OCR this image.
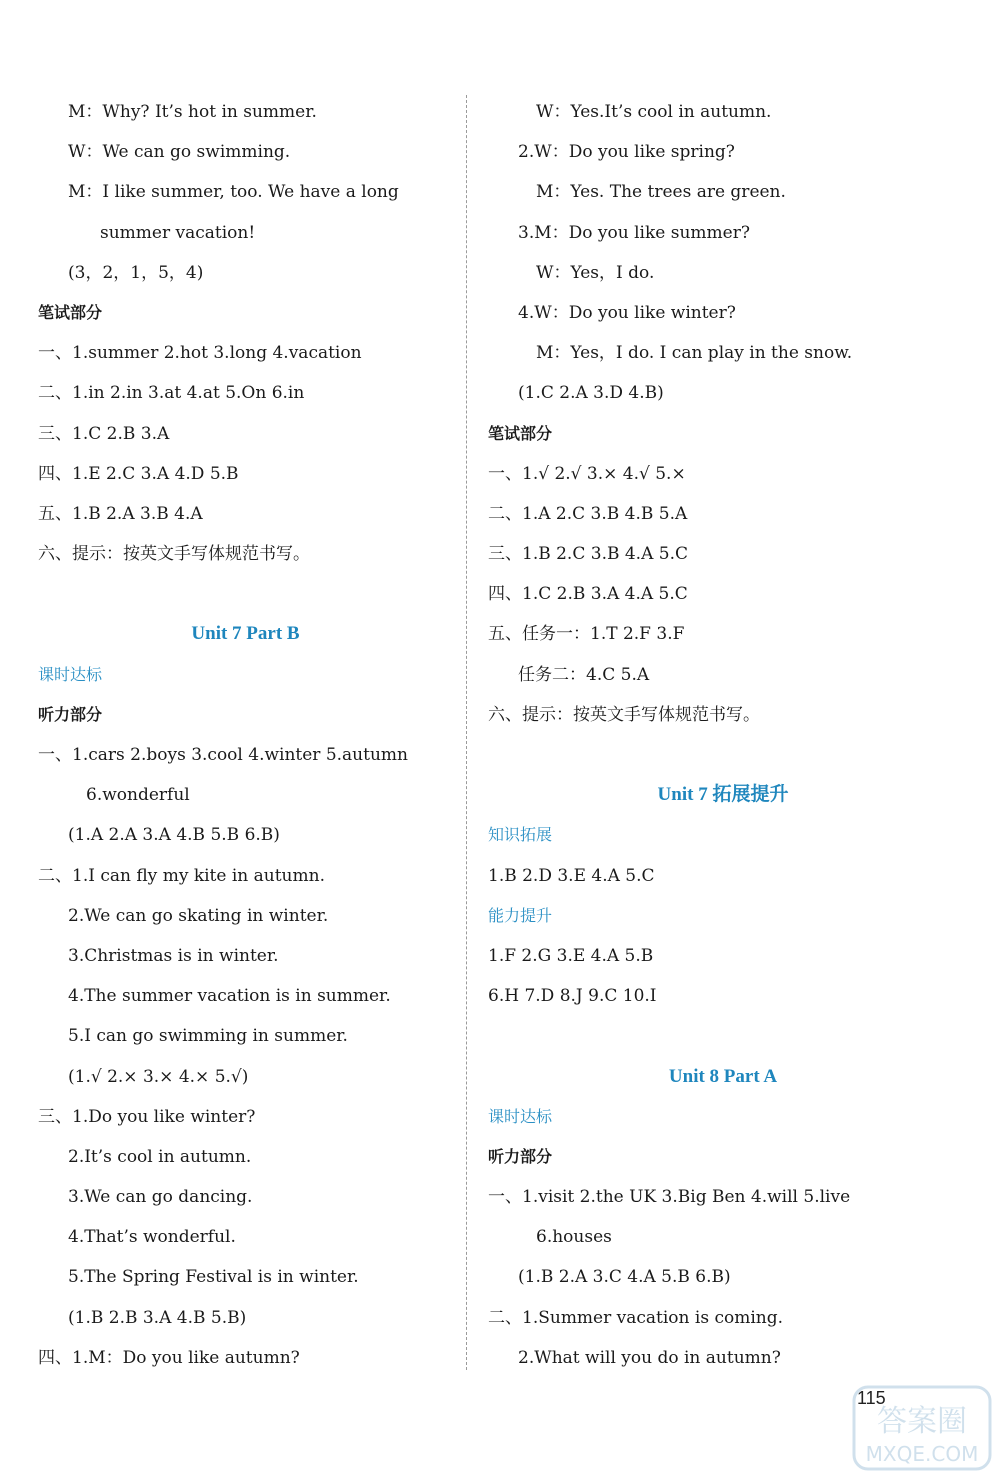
M：Why? It’s hot in summer.
W：We can go swimming.
M：I like summer, too. We have a long
summer vacation!
(3，2，1，5，4)
笔试部分
一、1.summer 2.hot 3.long 4.vacation
二、1.in 2.in 3.at 4.at 5.On 6.in
三、1.C 2.B 3.A
四、1.E 2.C 3.A 4.D 5.B
五、1.B 2.A 3.B 4.A
六、提示：按英文手写体规范书写。
Unit 7 Part B
课时达标
听力部分
一、1.cars 2.boys 3.cool 4.winter 5.autumn
6.wonderful
(1.A 2.A 3.A 4.B 5.B 6.B)
二、1.I can fly my kite in autumn.
2.We can go skating in winter.
3.Christmas is in winter.
4.The summer vacation is in summer.
5.I can go swimming in summer.
(1.√ 2.× 3.× 4.× 5.√)
三、1.Do you like winter?
2.It’s cool in autumn.
3.We can go dancing.
4.That’s wonderful.
5.The Spring Festival is in winter.
(1.B 2.B 3.A 4.B 5.B)
四、1.M：Do you like autumn?
W：Yes.It’s cool in autumn.
2.W：Do you like spring?
M：Yes. The trees are green.
3.M：Do you like summer?
W：Yes，I do.
4.W：Do you like winter?
M：Yes，I do. I can play in the snow.
(1.C 2.A 3.D 4.B)
笔试部分
一、1.√ 2.√ 3.× 4.√ 5.×
二、1.A 2.C 3.B 4.B 5.A
三、1.B 2.C 3.B 4.A 5.C
四、1.C 2.B 3.A 4.A 5.C
五、任务一：1.T 2.F 3.F
任务二：4.C 5.A
六、提示：按英文手写体规范书写。
Unit 7 拓展提升
知识拓展
1.B 2.D 3.E 4.A 5.C
能力提升
1.F 2.G 3.E 4.A 5.B
6.H 7.D 8.J 9.C 10.I
Unit 8 Part A
课时达标
听力部分
一、1.visit 2.the UK 3.Big Ben 4.will 5.live
6.houses
(1.B 2.A 3.C 4.A 5.B 6.B)
二、1.Summer vacation is coming.
2.What will you do in autumn?
115
答案圈
MXQE.COM
